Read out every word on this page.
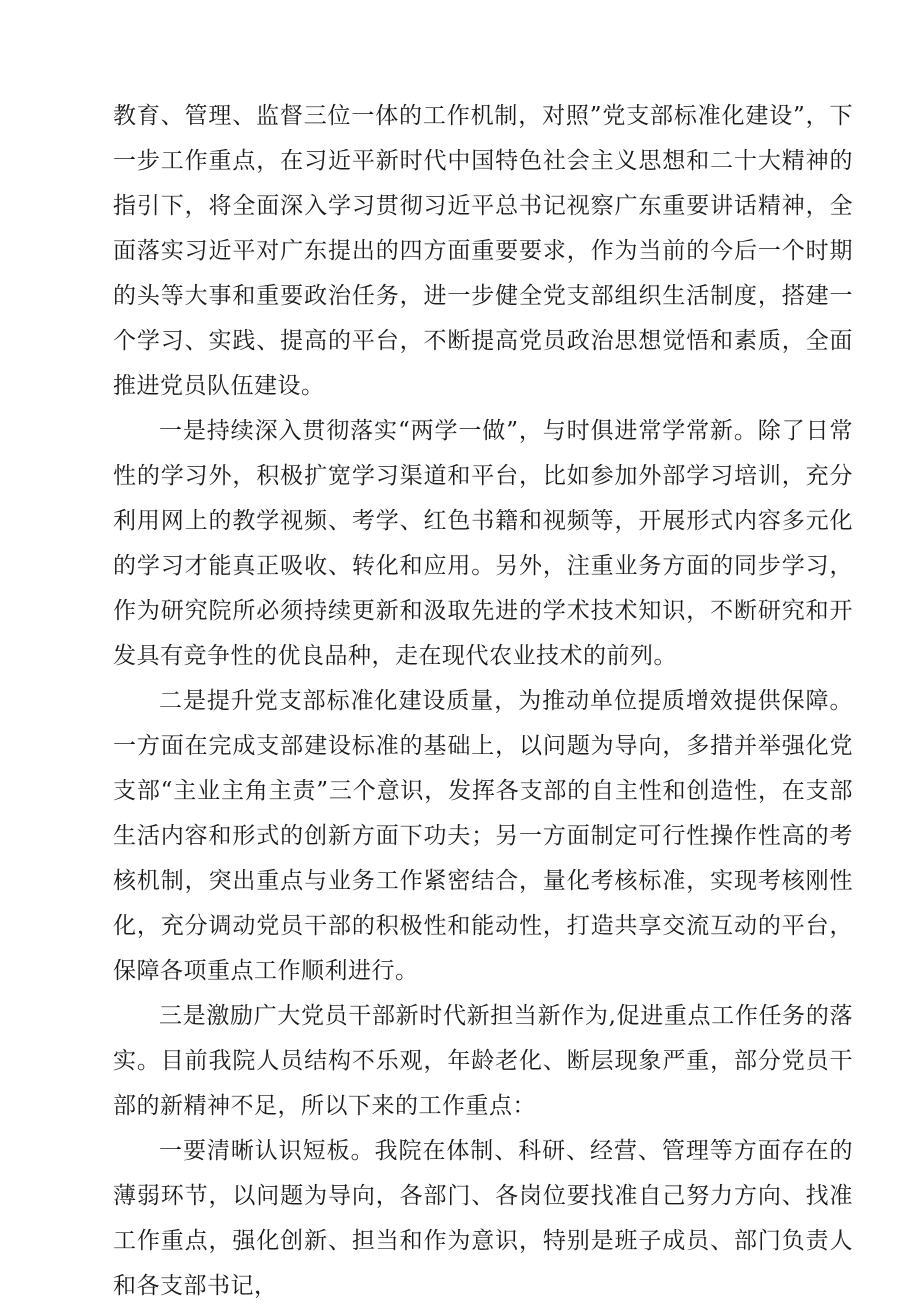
教育、管理、监督三位一体的工作机制，对照”党支部标准化建设”，下一步工作重点，在习近平新时代中国特色社会主义思想和二十大精神的指引下，将全面深入学习贯彻习近平总书记视察广东重要讲话精神，全面落实习近平对广东提出的四方面重要要求，作为当前的今后一个时期的头等大事和重要政治任务，进一步健全党支部组织生活制度，搭建一个学习、实践、提高的平台，不断提高党员政治思想觉悟和素质，全面推进党员队伍建设。

一是持续深入贯彻落实“两学一做”，与时俱进常学常新。除了日常性的学习外，积极扩宽学习渠道和平台，比如参加外部学习培训，充分利用网上的教学视频、考学、红色书籍和视频等，开展形式内容多元化的学习才能真正吸收、转化和应用。另外，注重业务方面的同步学习，作为研究院所必须持续更新和汲取先进的学术技术知识，不断研究和开发具有竞争性的优良品种，走在现代农业技术的前列。

二是提升党支部标准化建设质量，为推动单位提质增效提供保障。一方面在完成支部建设标准的基础上，以问题为导向，多措并举强化党支部“主业主角主责”三个意识，发挥各支部的自主性和创造性，在支部生活内容和形式的创新方面下功夫；另一方面制定可行性操作性高的考核机制，突出重点与业务工作紧密结合，量化考核标准，实现考核刚性化，充分调动党员干部的积极性和能动性，打造共享交流互动的平台，保障各项重点工作顺利进行。

三是激励广大党员干部新时代新担当新作为,促进重点工作任务的落实。目前我院人员结构不乐观，年龄老化、断层现象严重，部分党员干部的新精神不足，所以下来的工作重点：

一要清晰认识短板。我院在体制、科研、经营、管理等方面存在的薄弱环节，以问题为导向，各部门、各岗位要找准自己努力方向、找准工作重点，强化创新、担当和作为意识，特别是班子成员、部门负责人和各支部书记，
